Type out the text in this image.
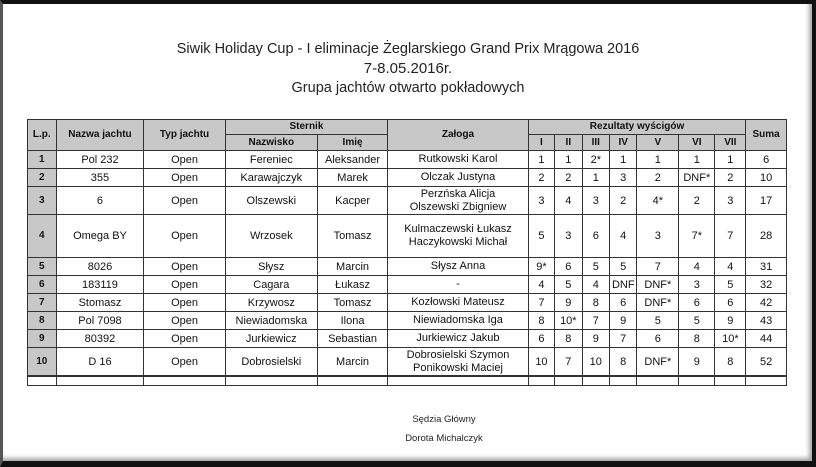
Siwik Holiday Cup - I eliminacje Żeglarskiego Grand Prix Mrągowa 2016
7-8.05.2016r.
Grupa jachtów otwarto pokładowych
L.p.	Nazwa jachtu	Typ jachtu	Sternik		Załoga	Rezultaty wyścigów							Suma
			Nazwisko	Imię		I	II	III	IV	V	VI	VII	
1	Pol 232	Open	Fereniec	Aleksander	Rutkowski Karol	1	1	2*	1	1	1	1	6
2	355	Open	Karawajczyk	Marek	Olczak Justyna	2	2	1	3	2	DNF*	2	10
3	6	Open	Olszewski	Kacper	Perzńska Alicja
Olszewski Zbigniew	3	4	3	2	4*	2	3	17
4	Omega BY	Open	Wrzosek	Tomasz	Kulmaczewski Łukasz
Haczykowski Michał	5	3	6	4	3	7*	7	28
5	8026	Open	Słysz	Marcin	Słysz Anna	9*	6	5	5	7	4	4	31
6	183119	Open	Cagara	Łukasz	-	4	5	4	DNF	DNF*	3	5	32
7	Stomasz	Open	Krzywosz	Tomasz	Kozłowski Mateusz	7	9	8	6	DNF*	6	6	42
8	Pol 7098	Open	Niewiadomska	Ilona	Niewiadomska Iga	8	10*	7	9	5	5	9	43
9	80392	Open	Jurkiewicz	Sebastian	Jurkiewicz Jakub	6	8	9	7	6	8	10*	44
10	D 16	Open	Dobrosielski	Marcin	Dobrosielski Szymon
Ponikowski Maciej	10	7	10	8	DNF*	9	8	52

Sędzia Główny
Dorota Michalczyk
